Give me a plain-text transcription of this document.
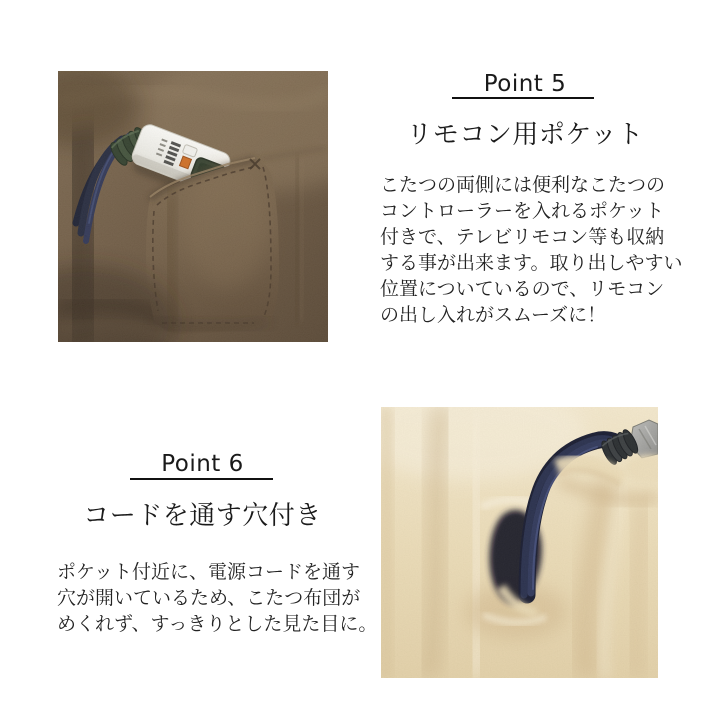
Point 5
リモコン用ポケット
こたつの両側には便利なこたつの
コントローラーを入れるポケット
付きで、テレビリモコン等も収納
する事が出来ます。取り出しやすい
位置についているので、リモコン
の出し入れがスムーズに！
Point 6
コードを通す穴付き
ポケット付近に、電源コードを通す
穴が開いているため、こたつ布団が
めくれず、すっきりとした見た目に。
